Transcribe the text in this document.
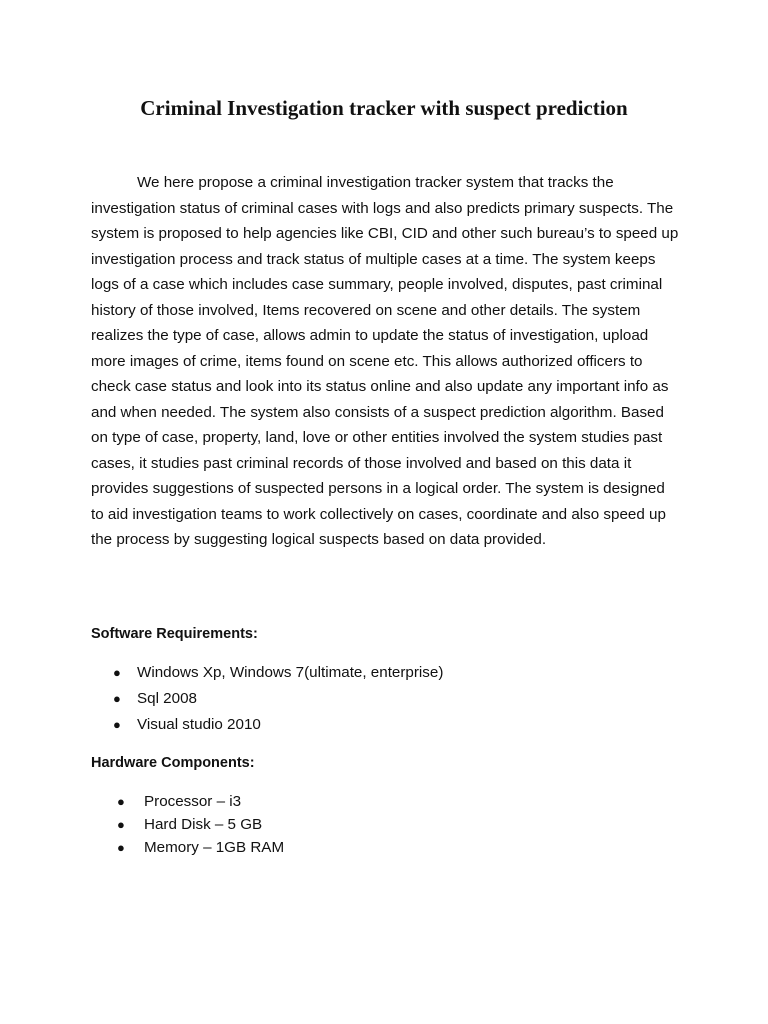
Criminal Investigation tracker with suspect prediction

We here propose a criminal investigation tracker system that tracks the investigation status of criminal cases with logs and also predicts primary suspects. The system is proposed to help agencies like CBI, CID and other such bureau’s to speed up investigation process and track status of multiple cases at a time. The system keeps logs of a case which includes case summary, people involved, disputes, past criminal history of those involved, Items recovered on scene and other details. The system realizes the type of case, allows admin to update the status of investigation, upload more images of crime, items found on scene etc. This allows authorized officers to check case status and look into its status online and also update any important info as and when needed. The system also consists of a suspect prediction algorithm. Based on type of case, property, land, love or other entities involved the system studies past cases, it studies past criminal records of those involved and based on this data it provides suggestions of suspected persons in a logical order. The system is designed to aid investigation teams to work collectively on cases, coordinate and also speed up the process by suggesting logical suspects based on data provided.

Software Requirements:
● Windows Xp, Windows 7(ultimate, enterprise)
● Sql 2008
● Visual studio 2010
Hardware Components:
● Processor – i3
● Hard Disk – 5 GB
● Memory – 1GB RAM
